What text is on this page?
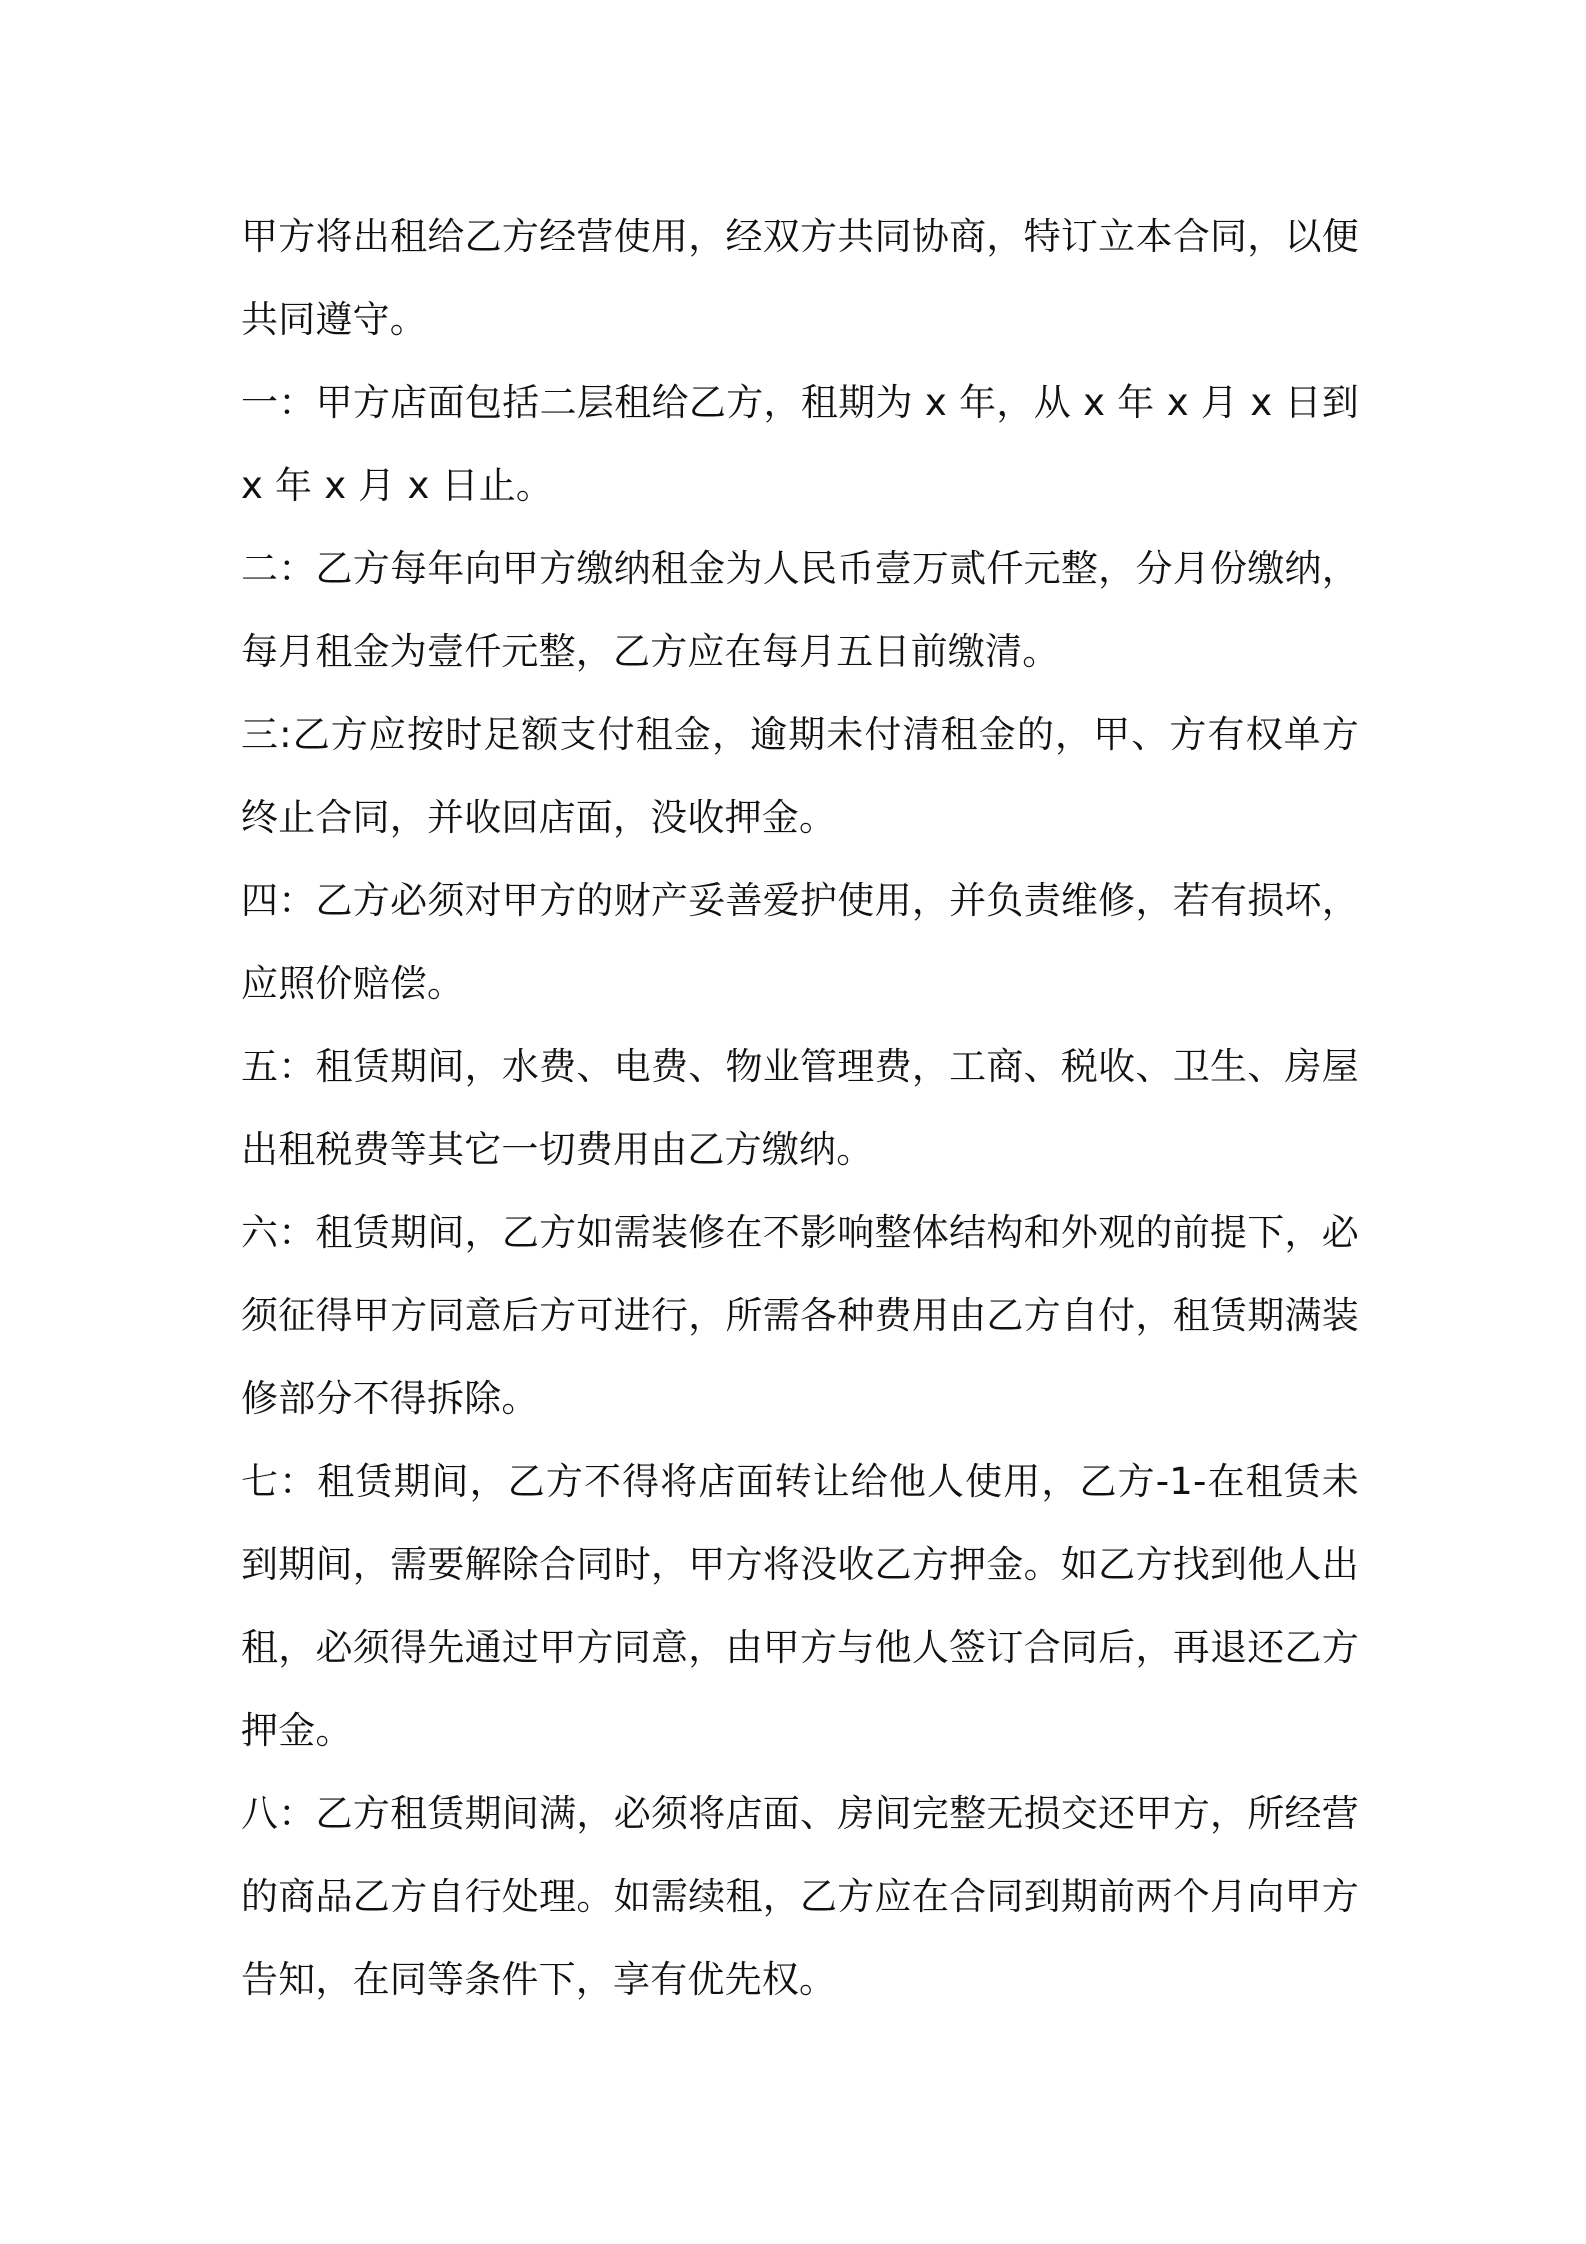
甲方将出租给乙方经营使用，经双方共同协商，特订立本合同，以便共同遵守。

一：甲方店面包括二层租给乙方，租期为 x 年，从 x 年 x 月 x 日到 x 年 x 月 x 日止。

二：乙方每年向甲方缴纳租金为人民币壹万贰仟元整，分月份缴纳，每月租金为壹仟元整，乙方应在每月五日前缴清。

三:乙方应按时足额支付租金，逾期未付清租金的，甲、方有权单方终止合同，并收回店面，没收押金。

四：乙方必须对甲方的财产妥善爱护使用，并负责维修，若有损坏，应照价赔偿。

五：租赁期间，水费、电费、物业管理费，工商、税收、卫生、房屋出租税费等其它一切费用由乙方缴纳。

六：租赁期间，乙方如需装修在不影响整体结构和外观的前提下，必须征得甲方同意后方可进行，所需各种费用由乙方自付，租赁期满装修部分不得拆除。

七：租赁期间，乙方不得将店面转让给他人使用，乙方-1-在租赁未到期间，需要解除合同时，甲方将没收乙方押金。如乙方找到他人出租，必须得先通过甲方同意，由甲方与他人签订合同后，再退还乙方押金。

八：乙方租赁期间满，必须将店面、房间完整无损交还甲方，所经营的商品乙方自行处理。如需续租，乙方应在合同到期前两个月向甲方告知，在同等条件下，享有优先权。
